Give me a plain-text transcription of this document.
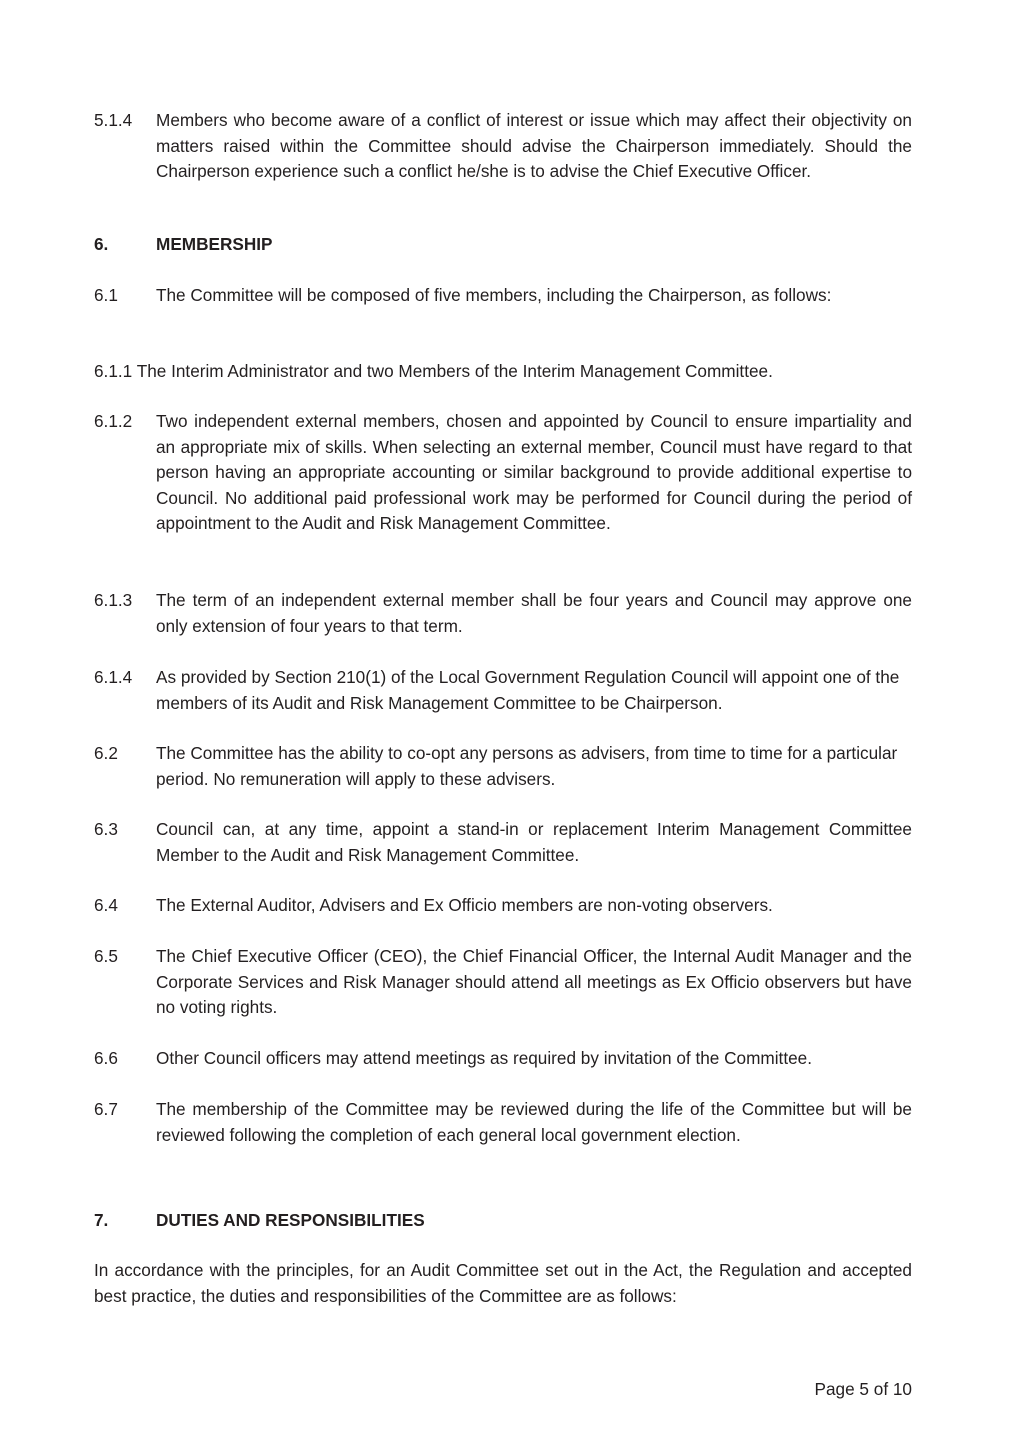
5.1.4 Members who become aware of a conflict of interest or issue which may affect their objectivity on matters raised within the Committee should advise the Chairperson immediately. Should the Chairperson experience such a conflict he/she is to advise the Chief Executive Officer.
6.	MEMBERSHIP
6.1 The Committee will be composed of five members, including the Chairperson, as follows:
6.1.1 The Interim Administrator and two Members of the Interim Management Committee.
6.1.2 Two independent external members, chosen and appointed by Council to ensure impartiality and an appropriate mix of skills. When selecting an external member, Council must have regard to that person having an appropriate accounting or similar background to provide additional expertise to Council. No additional paid professional work may be performed for Council during the period of appointment to the Audit and Risk Management Committee.
6.1.3 The term of an independent external member shall be four years and Council may approve one only extension of four years to that term.
6.1.4 As provided by Section 210(1) of the Local Government Regulation Council will appoint one of the members of its Audit and Risk Management Committee to be Chairperson.
6.2 The Committee has the ability to co-opt any persons as advisers, from time to time for a particular period. No remuneration will apply to these advisers.
6.3 Council can, at any time, appoint a stand-in or replacement Interim Management Committee Member to the Audit and Risk Management Committee.
6.4 The External Auditor, Advisers and Ex Officio members are non-voting observers.
6.5 The Chief Executive Officer (CEO), the Chief Financial Officer, the Internal Audit Manager and the Corporate Services and Risk Manager should attend all meetings as Ex Officio observers but have no voting rights.
6.6 Other Council officers may attend meetings as required by invitation of the Committee.
6.7 The membership of the Committee may be reviewed during the life of the Committee but will be reviewed following the completion of each general local government election.
7.	DUTIES AND RESPONSIBILITIES
In accordance with the principles, for an Audit Committee set out in the Act, the Regulation and accepted best practice, the duties and responsibilities of the Committee are as follows:
Page 5 of 10
